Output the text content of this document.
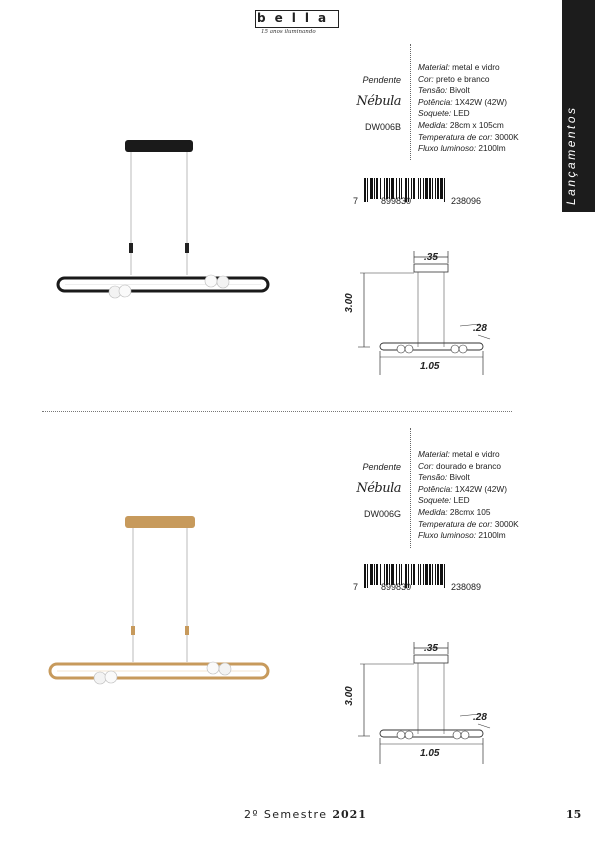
bella
15 anos iluminando
Lançamentos
Pendente
Nébula
DW006B
Material: metal e vidro
Cor: preto e branco
Tensão: Bivolt
Potência: 1X42W (42W)
Soquete: LED
Medida: 28cm x 105cm
Temperatura de cor: 3000K
Fluxo luminoso: 2100lm
7	899830	238096
.35
3.00
.28
1.05
Pendente
Nébula
DW006G
Material: metal e vidro
Cor: dourado e branco
Tensão: Bivolt
Potência: 1X42W (42W)
Soquete: LED
Medida: 28cmx 105
Temperatura de cor: 3000K
Fluxo luminoso: 2100lm
7	899830	238089
.35
3.00
.28
1.05
2º Semestre 2021	15
